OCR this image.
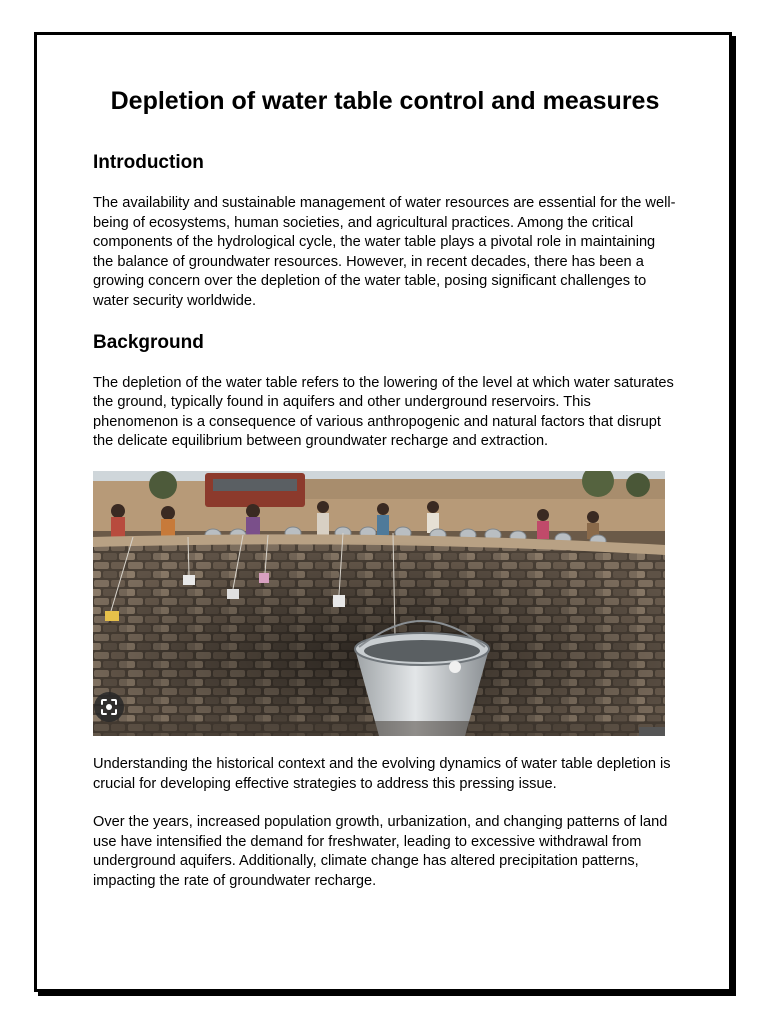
Depletion of water table control and measures
Introduction

The availability and sustainable management of water resources are essential for the well-being of ecosystems, human societies, and agricultural practices. Among the critical components of the hydrological cycle, the water table plays a pivotal role in maintaining the balance of groundwater resources. However, in recent decades, there has been a growing concern over the depletion of the water table, posing significant challenges to water security worldwide.

Background

The depletion of the water table refers to the lowering of the level at which water saturates the ground, typically found in aquifers and other underground reservoirs. This phenomenon is a consequence of various anthropogenic and natural factors that disrupt the delicate equilibrium between groundwater recharge and extraction.

Understanding the historical context and the evolving dynamics of water table depletion is crucial for developing effective strategies to address this pressing issue.

Over the years, increased population growth, urbanization, and changing patterns of land use have intensified the demand for freshwater, leading to excessive withdrawal from underground aquifers. Additionally, climate change has altered precipitation patterns, impacting the rate of groundwater recharge.
